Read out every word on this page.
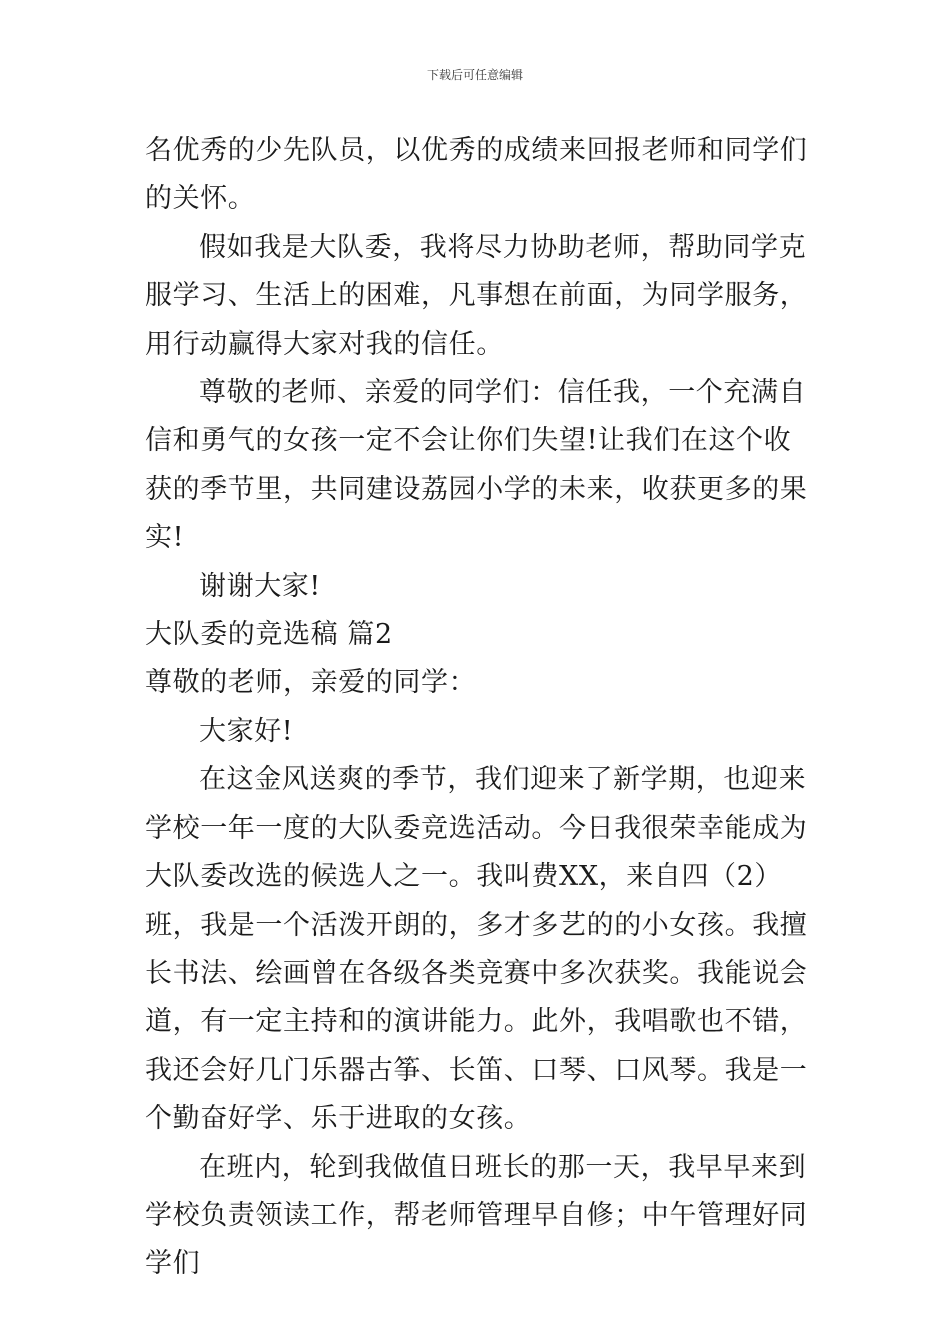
下载后可任意编辑

名优秀的少先队员，以优秀的成绩来回报老师和同学们的关怀。

假如我是大队委，我将尽力协助老师，帮助同学克服学习、生活上的困难，凡事想在前面，为同学服务，用行动赢得大家对我的信任。

尊敬的老师、亲爱的同学们：信任我，一个充满自信和勇气的女孩一定不会让你们失望!让我们在这个收获的季节里，共同建设荔园小学的未来，收获更多的果实!

谢谢大家!

大队委的竞选稿 篇2

尊敬的老师，亲爱的同学：

大家好!

在这金风送爽的季节，我们迎来了新学期，也迎来学校一年一度的大队委竞选活动。今日我很荣幸能成为大队委改选的候选人之一。我叫费XX，来自四（2）班，我是一个活泼开朗的，多才多艺的的小女孩。我擅长书法、绘画曾在各级各类竞赛中多次获奖。我能说会道，有一定主持和的演讲能力。此外，我唱歌也不错，我还会好几门乐器古筝、长笛、口琴、口风琴。我是一个勤奋好学、乐于进取的女孩。

在班内，轮到我做值日班长的那一天，我早早来到学校负责领读工作，帮老师管理早自修；中午管理好同学们
